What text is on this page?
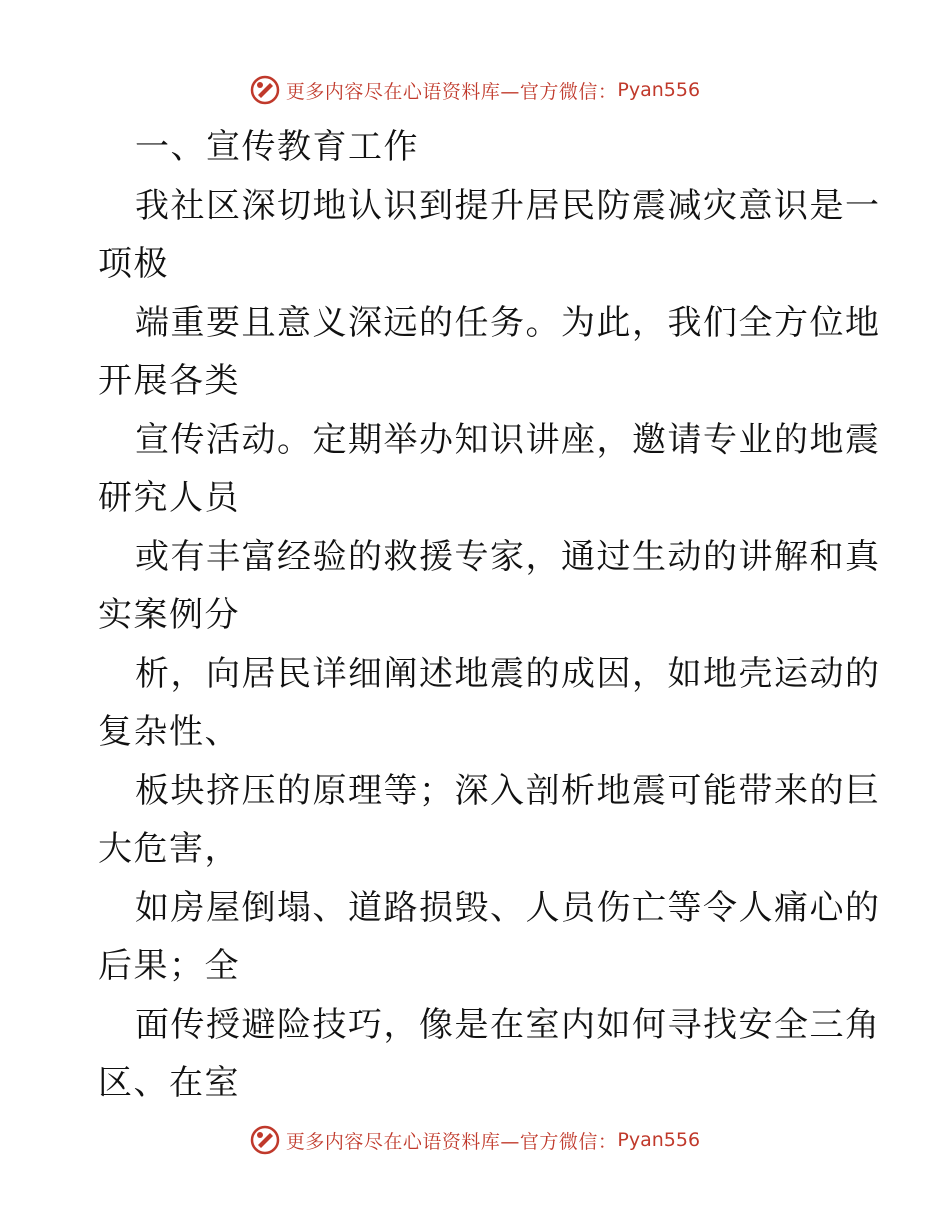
更多内容尽在心语资料库—官方微信： Pyan556
一、宣传教育工作
我社区深切地认识到提升居民防震减灾意识是一
项极
端重要且意义深远的任务。为此，我们全方位地
开展各类
宣传活动。定期举办知识讲座，邀请专业的地震
研究人员
或有丰富经验的救援专家，通过生动的讲解和真
实案例分
析，向居民详细阐述地震的成因，如地壳运动的
复杂性、
板块挤压的原理等；深入剖析地震可能带来的巨
大危害，
如房屋倒塌、道路损毁、人员伤亡等令人痛心的
后果；全
面传授避险技巧，像是在室内如何寻找安全三角
区、在室
更多内容尽在心语资料库—官方微信： Pyan556
